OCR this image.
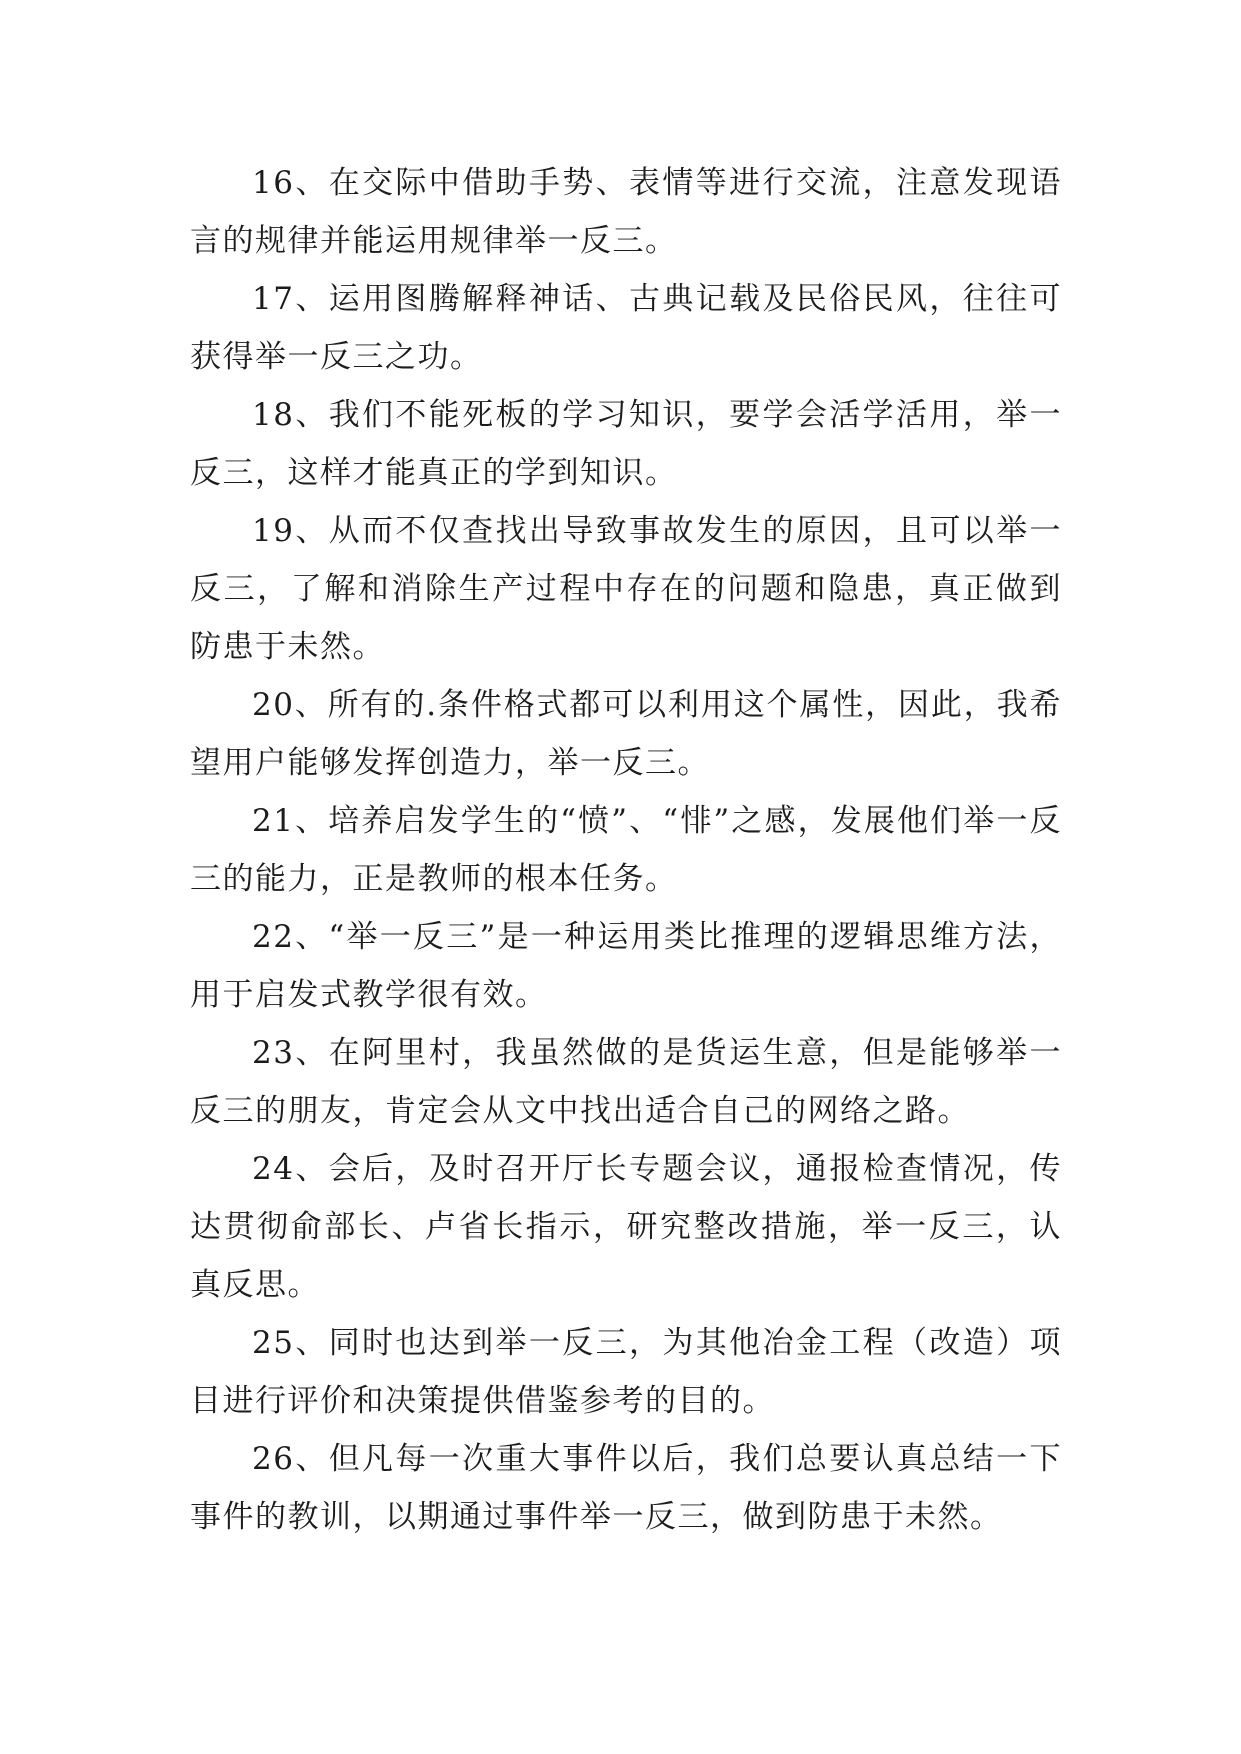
16、在交际中借助手势、表情等进行交流，注意发现语言的规律并能运用规律举一反三。

17、运用图腾解释神话、古典记载及民俗民风，往往可获得举一反三之功。

18、我们不能死板的学习知识，要学会活学活用，举一反三，这样才能真正的学到知识。

19、从而不仅查找出导致事故发生的原因，且可以举一反三，了解和消除生产过程中存在的问题和隐患，真正做到防患于未然。

20、所有的.条件格式都可以利用这个属性，因此，我希望用户能够发挥创造力，举一反三。

21、培养启发学生的“愤”、“悱”之感，发展他们举一反三的能力，正是教师的根本任务。

22、“举一反三”是一种运用类比推理的逻辑思维方法，用于启发式教学很有效。

23、在阿里村，我虽然做的是货运生意，但是能够举一反三的朋友，肯定会从文中找出适合自己的网络之路。

24、会后，及时召开厅长专题会议，通报检查情况，传达贯彻俞部长、卢省长指示，研究整改措施，举一反三，认真反思。

25、同时也达到举一反三，为其他冶金工程（改造）项目进行评价和决策提供借鉴参考的目的。

26、但凡每一次重大事件以后，我们总要认真总结一下事件的教训，以期通过事件举一反三，做到防患于未然。
